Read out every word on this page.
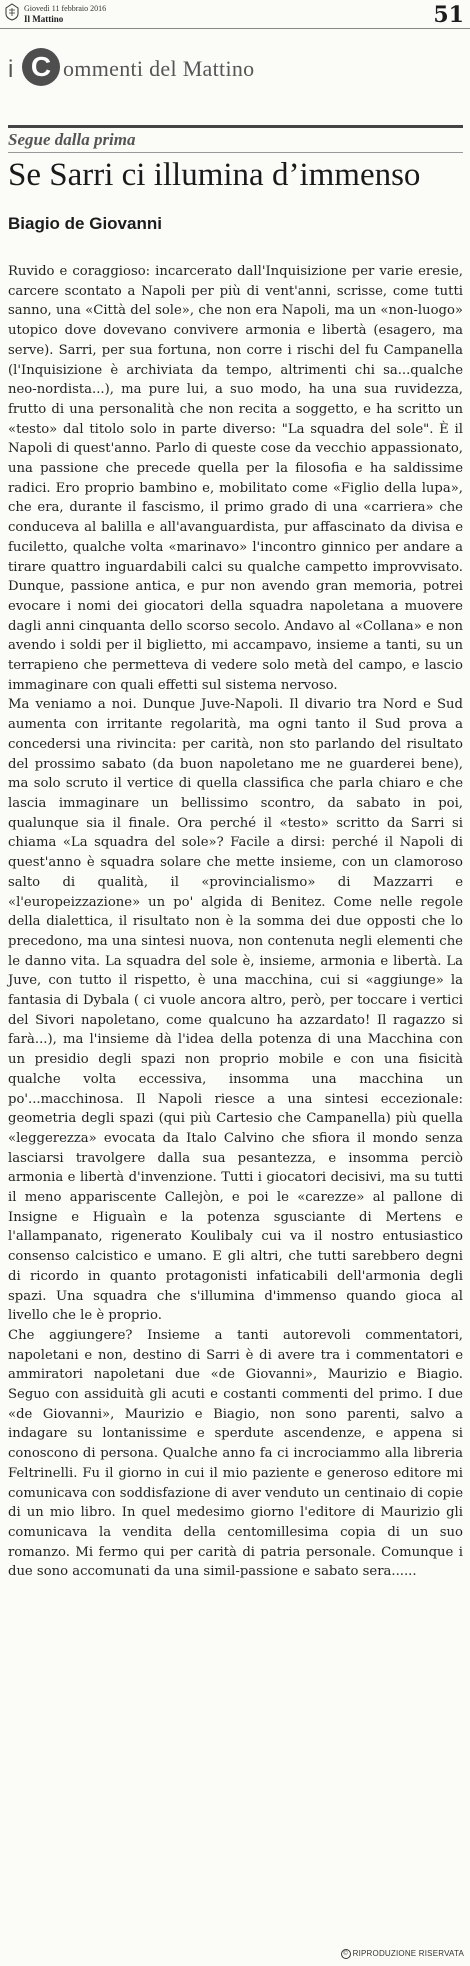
Giovedì 11 febbraio 2016
Il Mattino	51
i C ommenti del Mattino
Segue dalla prima
Se Sarri ci illumina d’immenso
Biagio de Giovanni

Ruvido e coraggioso: incarcerato dall'Inquisizione per varie eresie, carcere scontato a Napoli per più di vent'anni, scrisse, come tutti sanno, una «Città del sole», che non era Napoli, ma un «non-luogo» utopico dove dovevano convivere armonia e libertà (esagero, ma serve). Sarri, per sua fortuna, non corre i rischi del fu Campanella (l'Inquisizione è archiviata da tempo, altrimenti chi sa...qualche neo-nordista...), ma pure lui, a suo modo, ha una sua ruvidezza, frutto di una personalità che non recita a soggetto, e ha scritto un «testo» dal titolo solo in parte diverso: "La squadra del sole". È il Napoli di quest'anno. Parlo di queste cose da vecchio appassionato, una passione che precede quella per la filosofia e ha saldissime radici. Ero proprio bambino e, mobilitato come «Figlio della lupa», che era, durante il fascismo, il primo grado di una «carriera» che conduceva al balilla e all'avanguardista, pur affascinato da divisa e fuciletto, qualche volta «marinavo» l'incontro ginnico per andare a tirare quattro inguardabili calci su qualche campetto improvvisato. Dunque, passione antica, e pur non avendo gran memoria, potrei evocare i nomi dei giocatori della squadra napoletana a muovere dagli anni cinquanta dello scorso secolo. Andavo al «Collana» e non avendo i soldi per il biglietto, mi accampavo, insieme a tanti, su un terrapieno che permetteva di vedere solo metà del campo, e lascio immaginare con quali effetti sul sistema nervoso.

Ma veniamo a noi. Dunque Juve-Napoli. Il divario tra Nord e Sud aumenta con irritante regolarità, ma ogni tanto il Sud prova a concedersi una rivincita: per carità, non sto parlando del risultato del prossimo sabato (da buon napoletano me ne guarderei bene), ma solo scruto il vertice di quella classifica che parla chiaro e che lascia immaginare un bellissimo scontro, da sabato in poi, qualunque sia il finale. Ora perché il «testo» scritto da Sarri si chiama «La squadra del sole»? Facile a dirsi: perché il Napoli di quest'anno è squadra solare che mette insieme, con un clamoroso salto di qualità, il «provincialismo» di Mazzarri e «l'europeizzazione» un po' algida di Benitez. Come nelle regole della dialettica, il risultato non è la somma dei due opposti che lo precedono, ma una sintesi nuova, non contenuta negli elementi che le danno vita. La squadra del sole è, insieme, armonia e libertà. La Juve, con tutto il rispetto, è una macchina, cui si «aggiunge» la fantasia di Dybala ( ci vuole ancora altro, però, per toccare i vertici del Sivori napoletano, come qualcuno ha azzardato! Il ragazzo si farà...), ma l'insieme dà l'idea della potenza di una Macchina con un presidio degli spazi non proprio mobile e con una fisicità qualche volta eccessiva, insomma una macchina un po'...macchinosa. Il Napoli riesce a una sintesi eccezionale: geometria degli spazi (qui più Cartesio che Campanella) più quella «leggerezza» evocata da Italo Calvino che sfiora il mondo senza lasciarsi travolgere dalla sua pesantezza, e insomma perciò armonia e libertà d'invenzione. Tutti i giocatori decisivi, ma su tutti il meno appariscente Callejòn, e poi le «carezze» al pallone di Insigne e Higuaìn e la potenza sgusciante di Mertens e l'allampanato, rigenerato Koulibaly cui va il nostro entusiastico consenso calcistico e umano. E gli altri, che tutti sarebbero degni di ricordo in quanto protagonisti infaticabili dell'armonia degli spazi. Una squadra che s'illumina d'immenso quando gioca al livello che le è proprio.

Che aggiungere? Insieme a tanti autorevoli commentatori, napoletani e non, destino di Sarri è di avere tra i commentatori e ammiratori napoletani due «de Giovanni», Maurizio e Biagio. Seguo con assiduità gli acuti e costanti commenti del primo. I due «de Giovanni», Maurizio e Biagio, non sono parenti, salvo a indagare su lontanissime e sperdute ascendenze, e appena si conoscono di persona. Qualche anno fa ci incrociammo alla libreria Feltrinelli. Fu il giorno in cui il mio paziente e generoso editore mi comunicava con soddisfazione di aver venduto un centinaio di copie di un mio libro. In quel medesimo giorno l'editore di Maurizio gli comunicava la vendita della centomillesima copia di un suo romanzo. Mi fermo qui per carità di patria personale. Comunque i due sono accomunati da una simil-passione e sabato sera......

© RIPRODUZIONE RISERVATA
